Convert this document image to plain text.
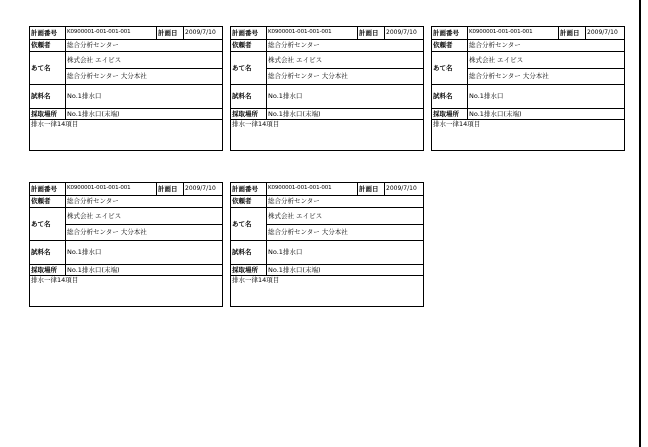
計画番号	K0900001-001-001-001	計画日	2009/7/10
依頼者	総合分析センター
あて名
株式会社 エイビス
総合分析センター 大分本社
試料名	No.1排水口
採取場所	No.1排水口(末端)
排水一律14項目
計画番号	K0900001-001-001-001	計画日	2009/7/10
依頼者	総合分析センター
あて名
株式会社 エイビス
総合分析センター 大分本社
試料名	No.1排水口
採取場所	No.1排水口(末端)
排水一律14項目
計画番号	K0900001-001-001-001	計画日	2009/7/10
依頼者	総合分析センター
あて名
株式会社 エイビス
総合分析センター 大分本社
試料名	No.1排水口
採取場所	No.1排水口(末端)
排水一律14項目
計画番号	K0900001-001-001-001	計画日	2009/7/10
依頼者	総合分析センター
あて名
株式会社 エイビス
総合分析センター 大分本社
試料名	No.1排水口
採取場所	No.1排水口(末端)
排水一律14項目
計画番号	K0900001-001-001-001	計画日	2009/7/10
依頼者	総合分析センター
あて名
株式会社 エイビス
総合分析センター 大分本社
試料名	No.1排水口
採取場所	No.1排水口(末端)
排水一律14項目
